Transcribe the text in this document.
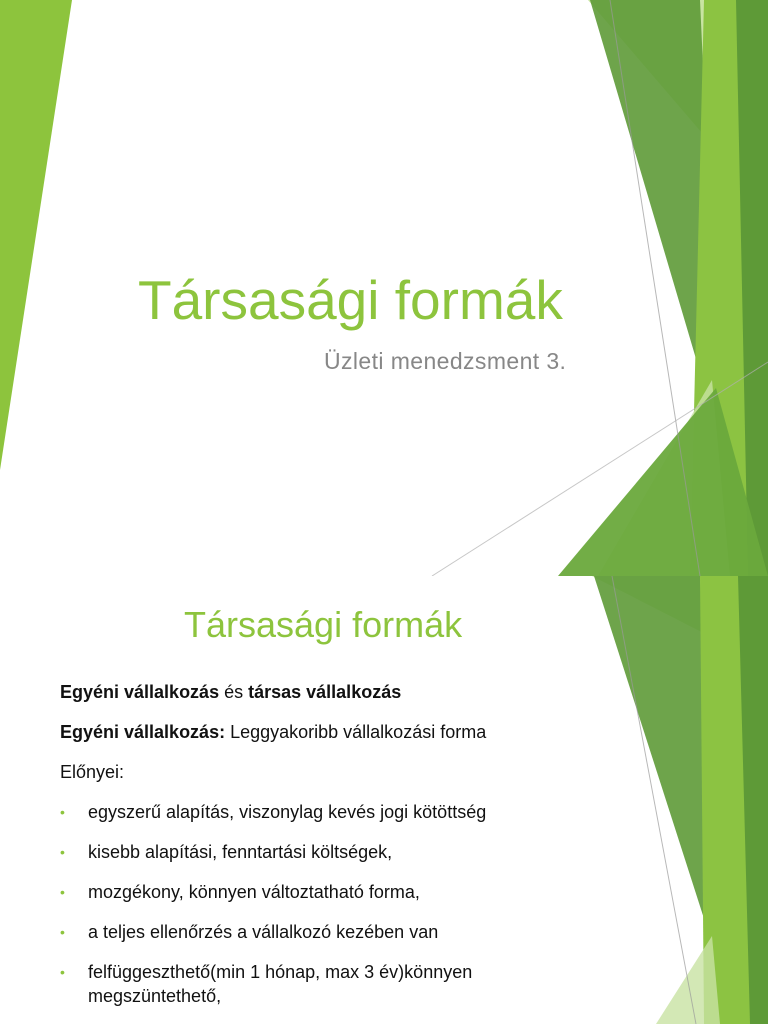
Társasági formák
Üzleti menedzsment 3.
Társasági formák

Egyéni vállalkozás és társas vállalkozás

Egyéni vállalkozás: Leggyakoribb vállalkozási forma

Előnyei:

• egyszerű alapítás, viszonylag kevés jogi kötöttség
• kisebb alapítási, fenntartási költségek,
• mozgékony, könnyen változtatható forma,
• a teljes ellenőrzés a vállalkozó kezében van
• felfüggeszthető(min 1 hónap, max 3 év)könnyen
megszüntethető,
